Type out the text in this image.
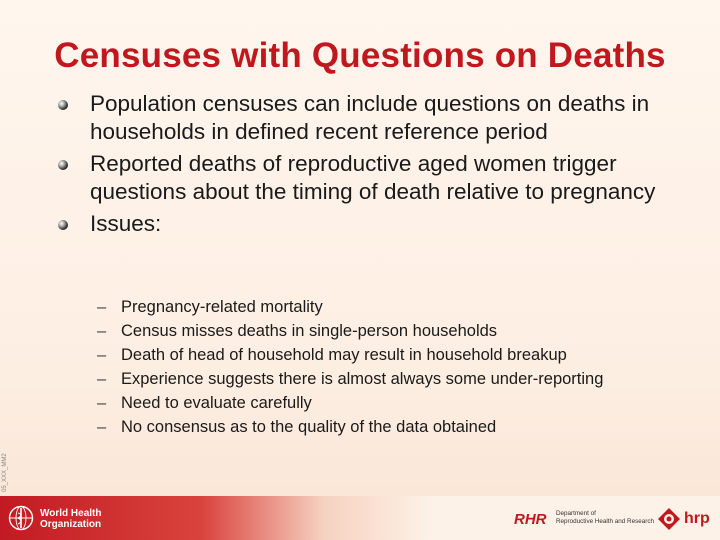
Censuses with Questions on Deaths

Population censuses can include questions on deaths in households in defined recent reference period

Reported deaths of reproductive aged women trigger questions about the timing of death relative to pregnancy

Issues:

– Pregnancy-related mortality

– Census misses deaths in single-person households

– Death of head of household may result in household breakup

– Experience suggests there is almost always some under-reporting

– Need to evaluate carefully

– No consensus as to the quality of the data obtained

05_XXX_MM2
World Health
Organization	RHR Department of
Reproductive Health and Research hrp
